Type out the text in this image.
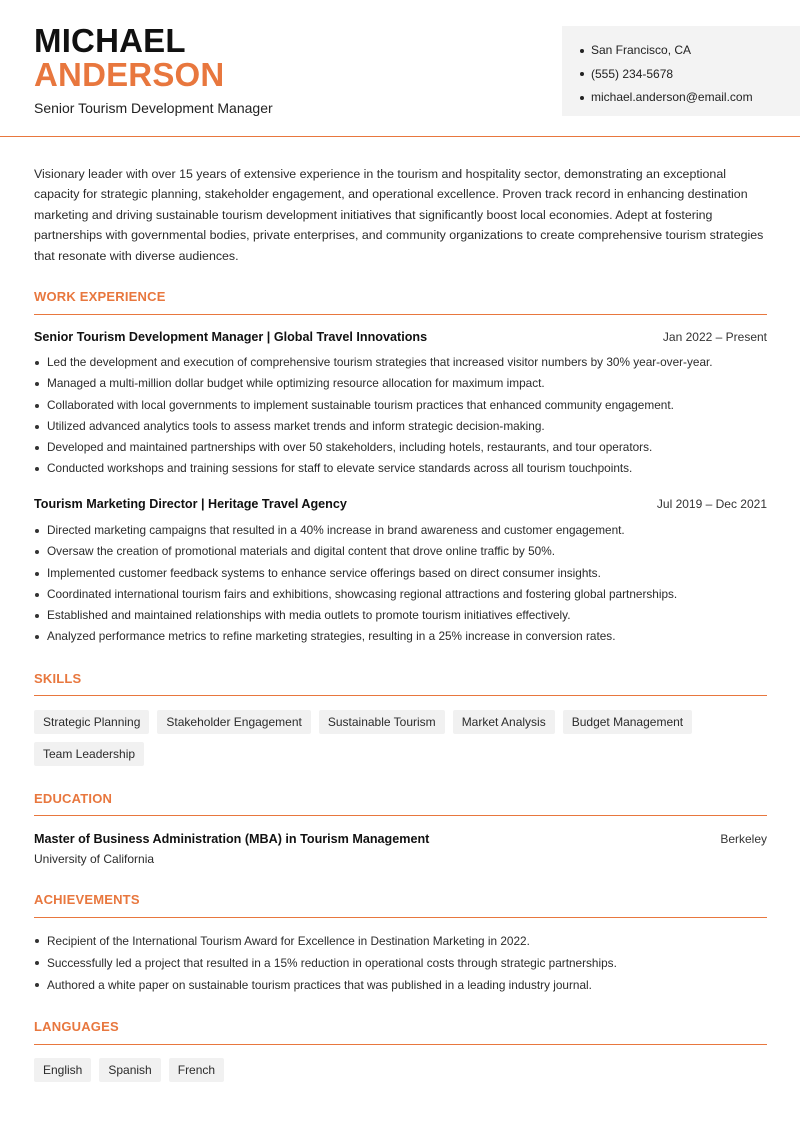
MICHAEL
ANDERSON
Senior Tourism Development Manager
San Francisco, CA
(555) 234-5678
michael.anderson@email.com

Visionary leader with over 15 years of extensive experience in the tourism and hospitality sector, demonstrating an exceptional capacity for strategic planning, stakeholder engagement, and operational excellence. Proven track record in enhancing destination marketing and driving sustainable tourism development initiatives that significantly boost local economies. Adept at fostering partnerships with governmental bodies, private enterprises, and community organizations to create comprehensive tourism strategies that resonate with diverse audiences.

WORK EXPERIENCE
Senior Tourism Development Manager | Global Travel Innovations	Jan 2022 – Present
Led the development and execution of comprehensive tourism strategies that increased visitor numbers by 30% year-over-year.
Managed a multi-million dollar budget while optimizing resource allocation for maximum impact.
Collaborated with local governments to implement sustainable tourism practices that enhanced community engagement.
Utilized advanced analytics tools to assess market trends and inform strategic decision-making.
Developed and maintained partnerships with over 50 stakeholders, including hotels, restaurants, and tour operators.
Conducted workshops and training sessions for staff to elevate service standards across all tourism touchpoints.
Tourism Marketing Director | Heritage Travel Agency	Jul 2019 – Dec 2021
Directed marketing campaigns that resulted in a 40% increase in brand awareness and customer engagement.
Oversaw the creation of promotional materials and digital content that drove online traffic by 50%.
Implemented customer feedback systems to enhance service offerings based on direct consumer insights.
Coordinated international tourism fairs and exhibitions, showcasing regional attractions and fostering global partnerships.
Established and maintained relationships with media outlets to promote tourism initiatives effectively.
Analyzed performance metrics to refine marketing strategies, resulting in a 25% increase in conversion rates.
SKILLS
Strategic Planning	Stakeholder Engagement	Sustainable Tourism	Market Analysis	Budget Management
Team Leadership
EDUCATION
Master of Business Administration (MBA) in Tourism Management	Berkeley
University of California
ACHIEVEMENTS
Recipient of the International Tourism Award for Excellence in Destination Marketing in 2022.
Successfully led a project that resulted in a 15% reduction in operational costs through strategic partnerships.
Authored a white paper on sustainable tourism practices that was published in a leading industry journal.
LANGUAGES
English	Spanish	French
